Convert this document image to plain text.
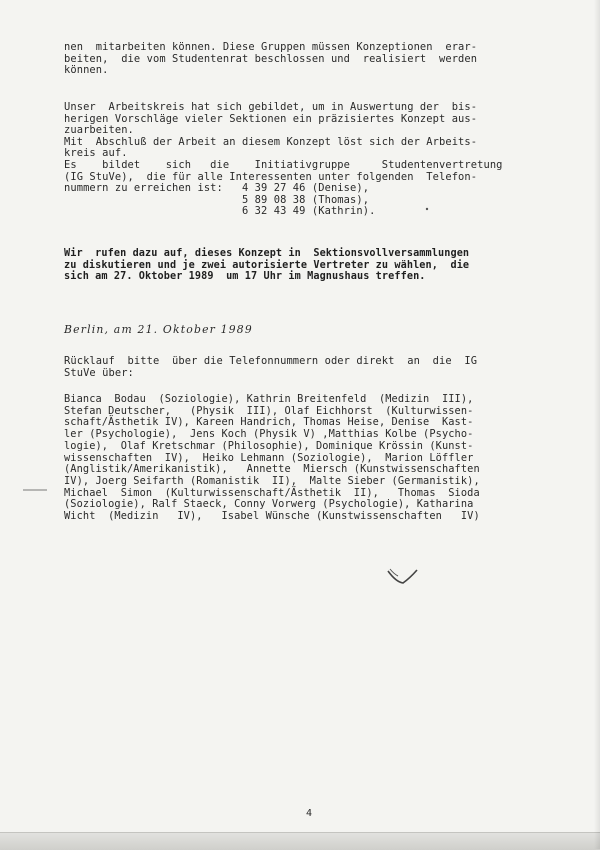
nen  mitarbeiten können. Diese Gruppen müssen Konzeptionen  erar-

beiten,  die vom Studentenrat beschlossen und  realisiert  werden

können.

Unser  Arbeitskreis hat sich gebildet, um in Auswertung der  bis-

herigen Vorschläge vieler Sektionen ein präzisiertes Konzept aus-

zuarbeiten.

Mit  Abschluß der Arbeit an diesem Konzept löst sich der Arbeits-

kreis auf.

Es    bildet    sich   die    Initiativgruppe     Studentenvertretung

(IG StuVe),  die für alle Interessenten unter folgenden  Telefon-

nummern zu erreichen ist:   4 39 27 46 (Denise),

5 89 08 38 (Thomas),

6 32 43 49 (Kathrin).

Wir  rufen dazu auf, dieses Konzept in  Sektionsvollversammlungen

zu diskutieren und je zwei autorisierte Vertreter zu wählen,  die

sich am 27. Oktober 1989  um 17 Uhr im Magnushaus treffen.

Berlin, am 21. Oktober 1989

Rücklauf  bitte  über die Telefonnummern oder direkt  an  die  IG

StuVe über:

Bianca  Bodau  (Soziologie), Kathrin Breitenfeld  (Medizin  III),

Stefan Deutscher,   (Physik  III), Olaf Eichhorst  (Kulturwissen-

schaft/Ästhetik IV), Kareen Handrich, Thomas Heise, Denise  Kast-

ler (Psychologie),  Jens Koch (Physik V) ,Matthias Kolbe (Psycho-

logie),  Olaf Kretschmar (Philosophie), Dominique Krössin (Kunst-

wissenschaften  IV),  Heiko Lehmann (Soziologie),  Marion Löffler

(Anglistik/Amerikanistik),   Annette  Miersch (Kunstwissenschaften

IV), Joerg Seifarth (Romanistik  II),  Malte Sieber (Germanistik),

Michael  Simon  (Kulturwissenschaft/Ästhetik  II),   Thomas  Sioda

(Soziologie), Ralf Staeck, Conny Vorwerg (Psychologie), Katharina

Wicht  (Medizin   IV),   Isabel Wünsche (Kunstwissenschaften   IV)

4
